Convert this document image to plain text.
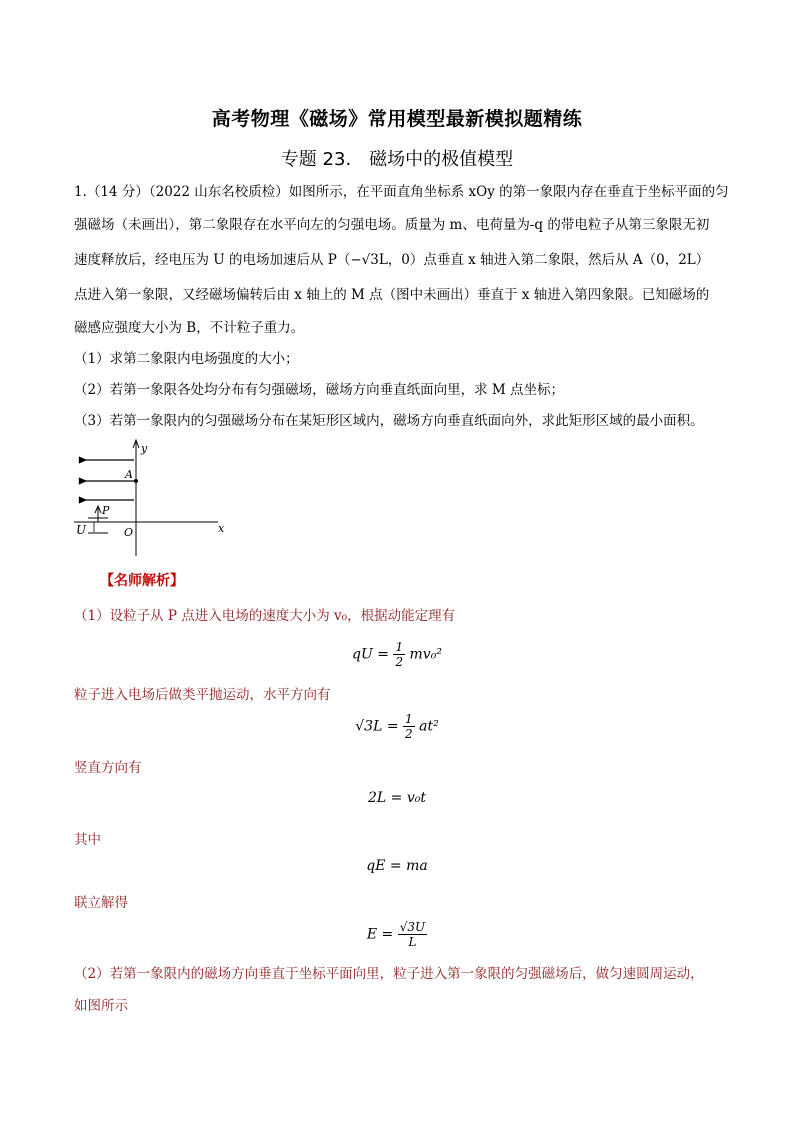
高考物理《磁场》常用模型最新模拟题精练
专题 23.　磁场中的极值模型
1.（14 分）（2022 山东名校质检）如图所示，在平面直角坐标系 xOy 的第一象限内存在垂直于坐标平面的匀
强磁场（未画出），第二象限存在水平向左的匀强电场。质量为 m、电荷量为-q 的带电粒子从第三象限无初
速度释放后，经电压为 U 的电场加速后从 P（−√3L，0）点垂直 x 轴进入第二象限，然后从 A（0，2L）
点进入第一象限，又经磁场偏转后由 x 轴上的 M 点（图中未画出）垂直于 x 轴进入第四象限。已知磁场的
磁感应强度大小为 B，不计粒子重力。
（1）求第二象限内电场强度的大小；
（2）若第一象限各处均分布有匀强磁场，磁场方向垂直纸面向里，求 M 点坐标；
（3）若第一象限内的匀强磁场分布在某矩形区域内，磁场方向垂直纸面向外，求此矩形区域的最小面积。
y
x
A
P
O
U
【名师解析】
（1）设粒子从 P 点进入电场的速度大小为 v₀，根据动能定理有
qU = $\frac{1}{2} mv_0^2$
粒子进入电场后做类平抛运动，水平方向有
$√3L = \frac{1}{2} at^2$
竖直方向有
2L = v₀t
其中
qE = ma
联立解得
$E = \frac{√3U}{L}$
（2）若第一象限内的磁场方向垂直于坐标平面向里，粒子进入第一象限的匀强磁场后，做匀速圆周运动，
如图所示
